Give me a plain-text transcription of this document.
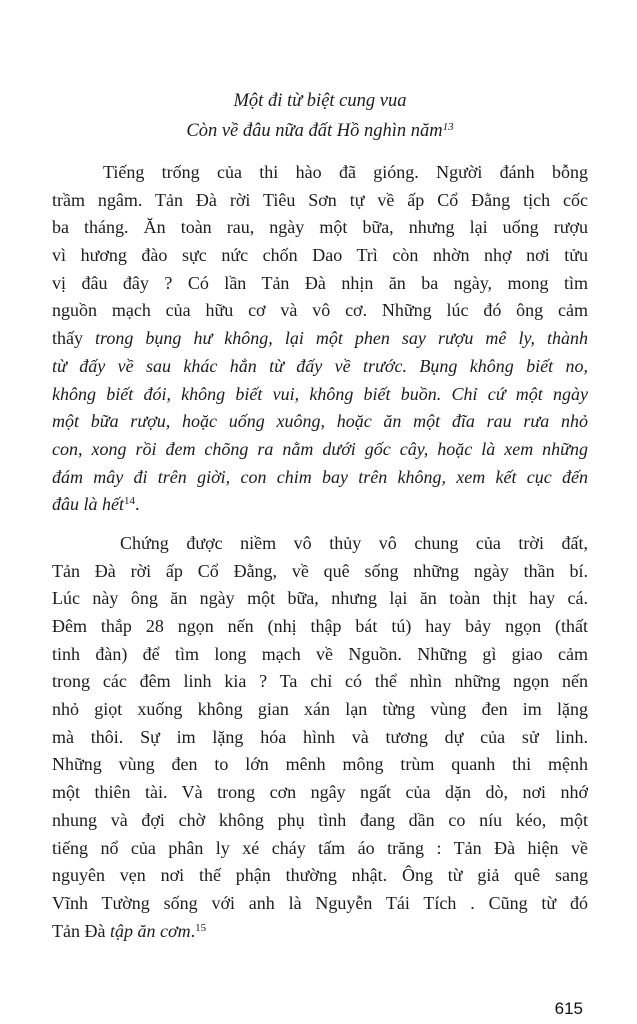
Một đi từ biệt cung vua
Còn về đâu nữa đất Hồ nghìn năm$^{13}$
Tiếng trống của thi hào đã gióng. Người đánh bỗng
trầm ngâm. Tản Đà rời Tiêu Sơn tự về ấp Cổ Đằng tịch cốc
ba tháng. Ăn toàn rau, ngày một bữa, nhưng lại uống rượu
vì hương đào sực nức chốn Dao Trì còn nhờn nhợ nơi tửu
vị đâu đây ? Có lần Tản Đà nhịn ăn ba ngày, mong tìm
nguồn mạch của hữu cơ và vô cơ. Những lúc đó ông cảm
thấy trong bụng hư không, lại một phen say rượu mê ly, thành
từ đấy về sau khác hẳn từ đấy về trước. Bụng không biết no,
không biết đói, không biết vui, không biết buồn. Chỉ cứ một ngày
một bữa rượu, hoặc uống xuông, hoặc ăn một đĩa rau rưa nhỏ
con, xong rồi đem chõng ra nằm dưới gốc cây, hoặc là xem những
đám mây đi trên giời, con chim bay trên không, xem kết cục đến
đâu là hết$^{14}$.
Chứng được niềm vô thủy vô chung của trời đất,
Tản Đà rời ấp Cổ Đằng, về quê sống những ngày thần bí.
Lúc này ông ăn ngày một bữa, nhưng lại ăn toàn thịt hay cá.
Đêm thắp 28 ngọn nến (nhị thập bát tú) hay bảy ngọn (thất
tinh đàn) để tìm long mạch về Nguồn. Những gì giao cảm
trong các đêm linh kia ? Ta chỉ có thể nhìn những ngọn nến
nhỏ giọt xuống không gian xán lạn từng vùng đen im lặng
mà thôi. Sự im lặng hóa hình và tương dự của sử linh.
Những vùng đen to lớn mênh mông trùm quanh thi mệnh
một thiên tài. Và trong cơn ngây ngất của dặn dò, nơi nhớ
nhung và đợi chờ không phụ tình đang dần co níu kéo, một
tiếng nổ của phân ly xé cháy tấm áo trăng : Tản Đà hiện về
nguyên vẹn nơi thế phận thường nhật. Ông từ giả quê sang
Vĩnh Tường sống với anh là Nguyễn Tái Tích . Cũng từ đó
Tản Đà tập ăn cơm.$^{15}$
615
